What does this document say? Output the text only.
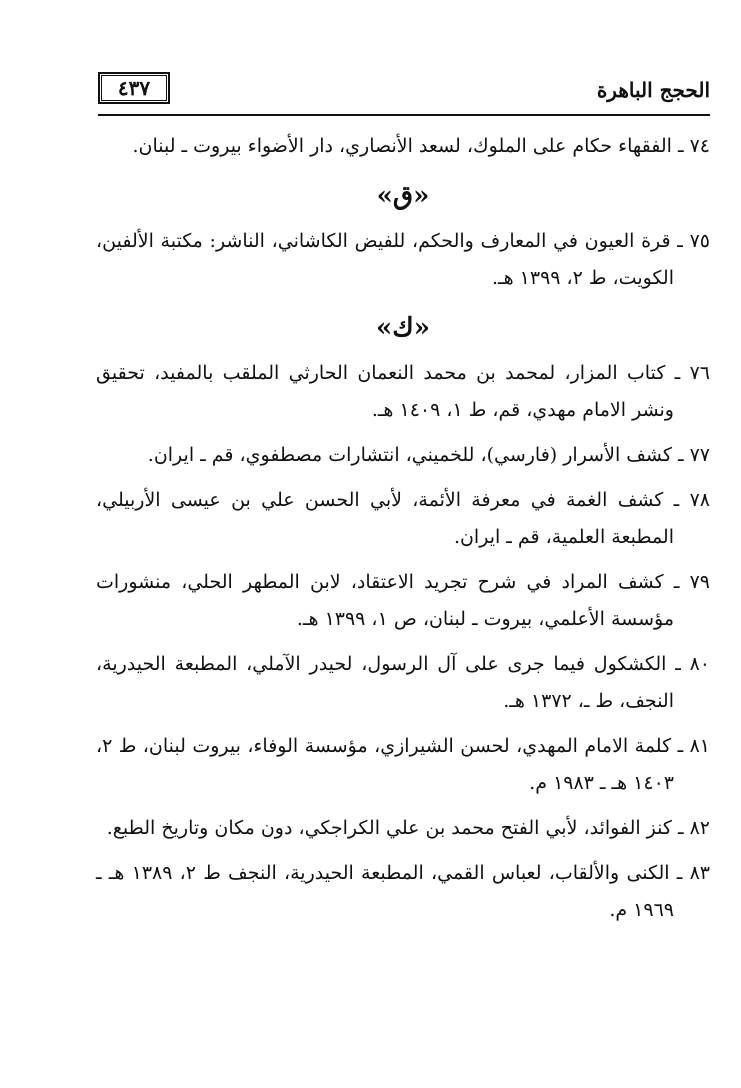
الحجج الباهرة
٤٣٧

٧٤ ـ الفقهاء حكام على الملوك، لسعد الأنصاري، دار الأضواء بيروت ـ لبنان.

«ق»

٧٥ ـ قرة العيون في المعارف والحكم، للفيض الكاشاني، الناشر: مكتبة الألفين، الكويت، ط ٢، ١٣٩٩ هـ.

«ك»

٧٦ ـ كتاب المزار، لمحمد بن محمد النعمان الحارثي الملقب بالمفيد، تحقيق ونشر الامام مهدي، قم، ط ١، ١٤٠٩ هـ.

٧٧ ـ كشف الأسرار (فارسي)، للخميني، انتشارات مصطفوي، قم ـ ايران.

٧٨ ـ كشف الغمة في معرفة الأئمة، لأبي الحسن علي بن عيسى الأربيلي، المطبعة العلمية، قم ـ ايران.

٧٩ ـ كشف المراد في شرح تجريد الاعتقاد، لابن المطهر الحلي، منشورات مؤسسة الأعلمي، بيروت ـ لبنان، ص ١، ١٣٩٩ هـ.

٨٠ ـ الكشكول فيما جرى على آل الرسول، لحيدر الآملي، المطبعة الحيدرية، النجف، ط ـ، ١٣٧٢ هـ.

٨١ ـ كلمة الامام المهدي، لحسن الشيرازي، مؤسسة الوفاء، بيروت لبنان، ط ٢، ١٤٠٣ هـ ـ ١٩٨٣ م.

٨٢ ـ كنز الفوائد، لأبي الفتح محمد بن علي الكراجكي، دون مكان وتاريخ الطبع.

٨٣ ـ الكنى والألقاب، لعباس القمي، المطبعة الحيدرية، النجف ط ٢، ١٣٨٩ هـ ـ ١٩٦٩ م.
